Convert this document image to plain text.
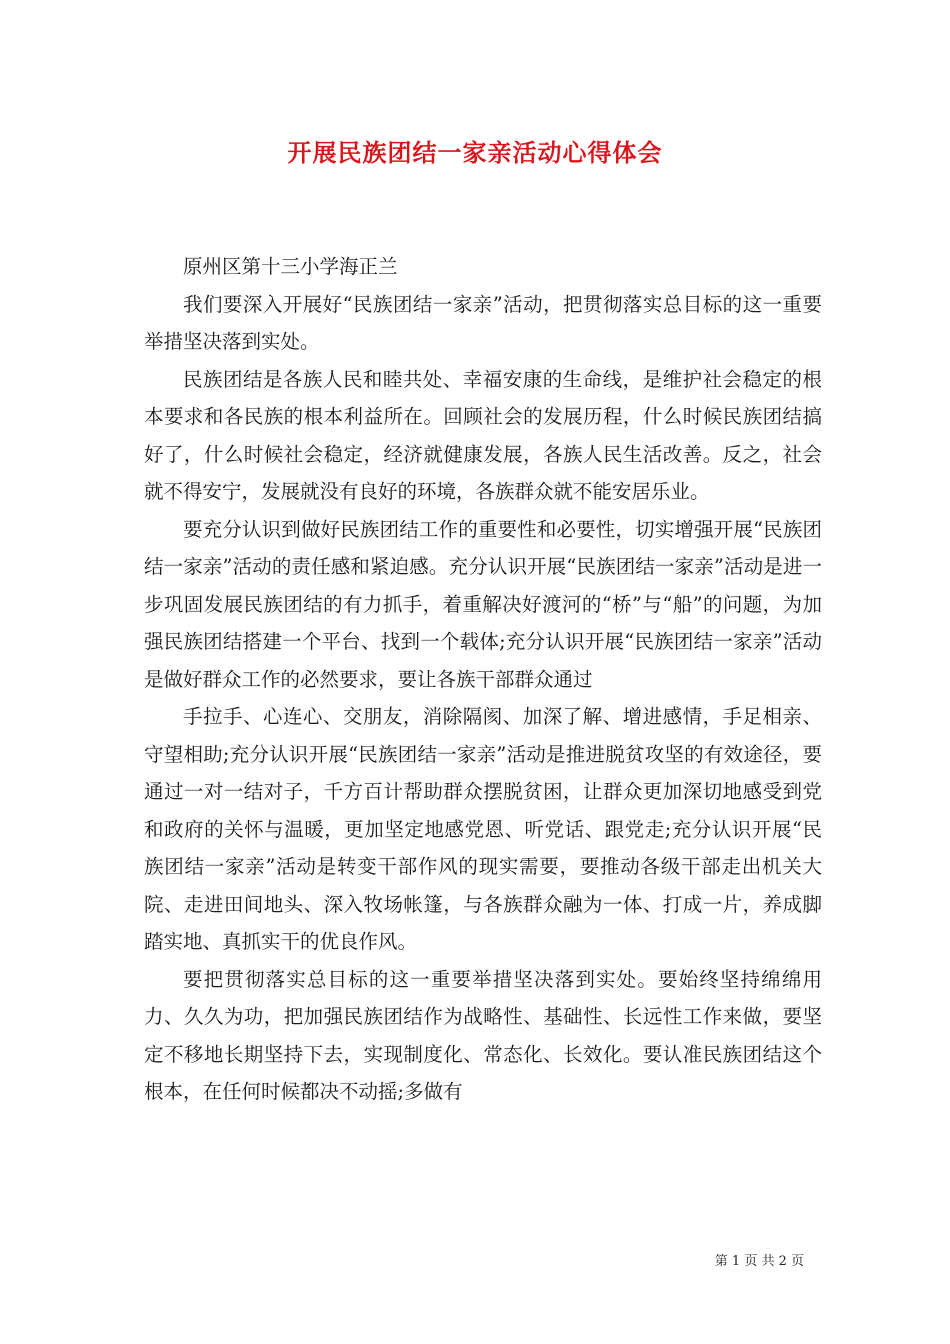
开展民族团结一家亲活动心得体会

原州区第十三小学海正兰

我们要深入开展好“民族团结一家亲”活动，把贯彻落实总目标的这一重要举措坚决落到实处。

民族团结是各族人民和睦共处、幸福安康的生命线，是维护社会稳定的根本要求和各民族的根本利益所在。回顾社会的发展历程，什么时候民族团结搞好了，什么时候社会稳定，经济就健康发展，各族人民生活改善。反之，社会就不得安宁，发展就没有良好的环境，各族群众就不能安居乐业。

要充分认识到做好民族团结工作的重要性和必要性，切实增强开展“民族团结一家亲”活动的责任感和紧迫感。充分认识开展“民族团结一家亲”活动是进一步巩固发展民族团结的有力抓手，着重解决好渡河的“桥”与“船”的问题，为加强民族团结搭建一个平台、找到一个载体;充分认识开展“民族团结一家亲”活动是做好群众工作的必然要求，要让各族干部群众通过

手拉手、心连心、交朋友，消除隔阂、加深了解、增进感情，手足相亲、守望相助;充分认识开展“民族团结一家亲”活动是推进脱贫攻坚的有效途径，要通过一对一结对子，千方百计帮助群众摆脱贫困，让群众更加深切地感受到党和政府的关怀与温暖，更加坚定地感党恩、听党话、跟党走;充分认识开展“民族团结一家亲”活动是转变干部作风的现实需要，要推动各级干部走出机关大院、走进田间地头、深入牧场帐篷，与各族群众融为一体、打成一片，养成脚踏实地、真抓实干的优良作风。

要把贯彻落实总目标的这一重要举措坚决落到实处。要始终坚持绵绵用力、久久为功，把加强民族团结作为战略性、基础性、长远性工作来做，要坚定不移地长期坚持下去，实现制度化、常态化、长效化。要认准民族团结这个根本，在任何时候都决不动摇;多做有

第 1 页 共 2 页
